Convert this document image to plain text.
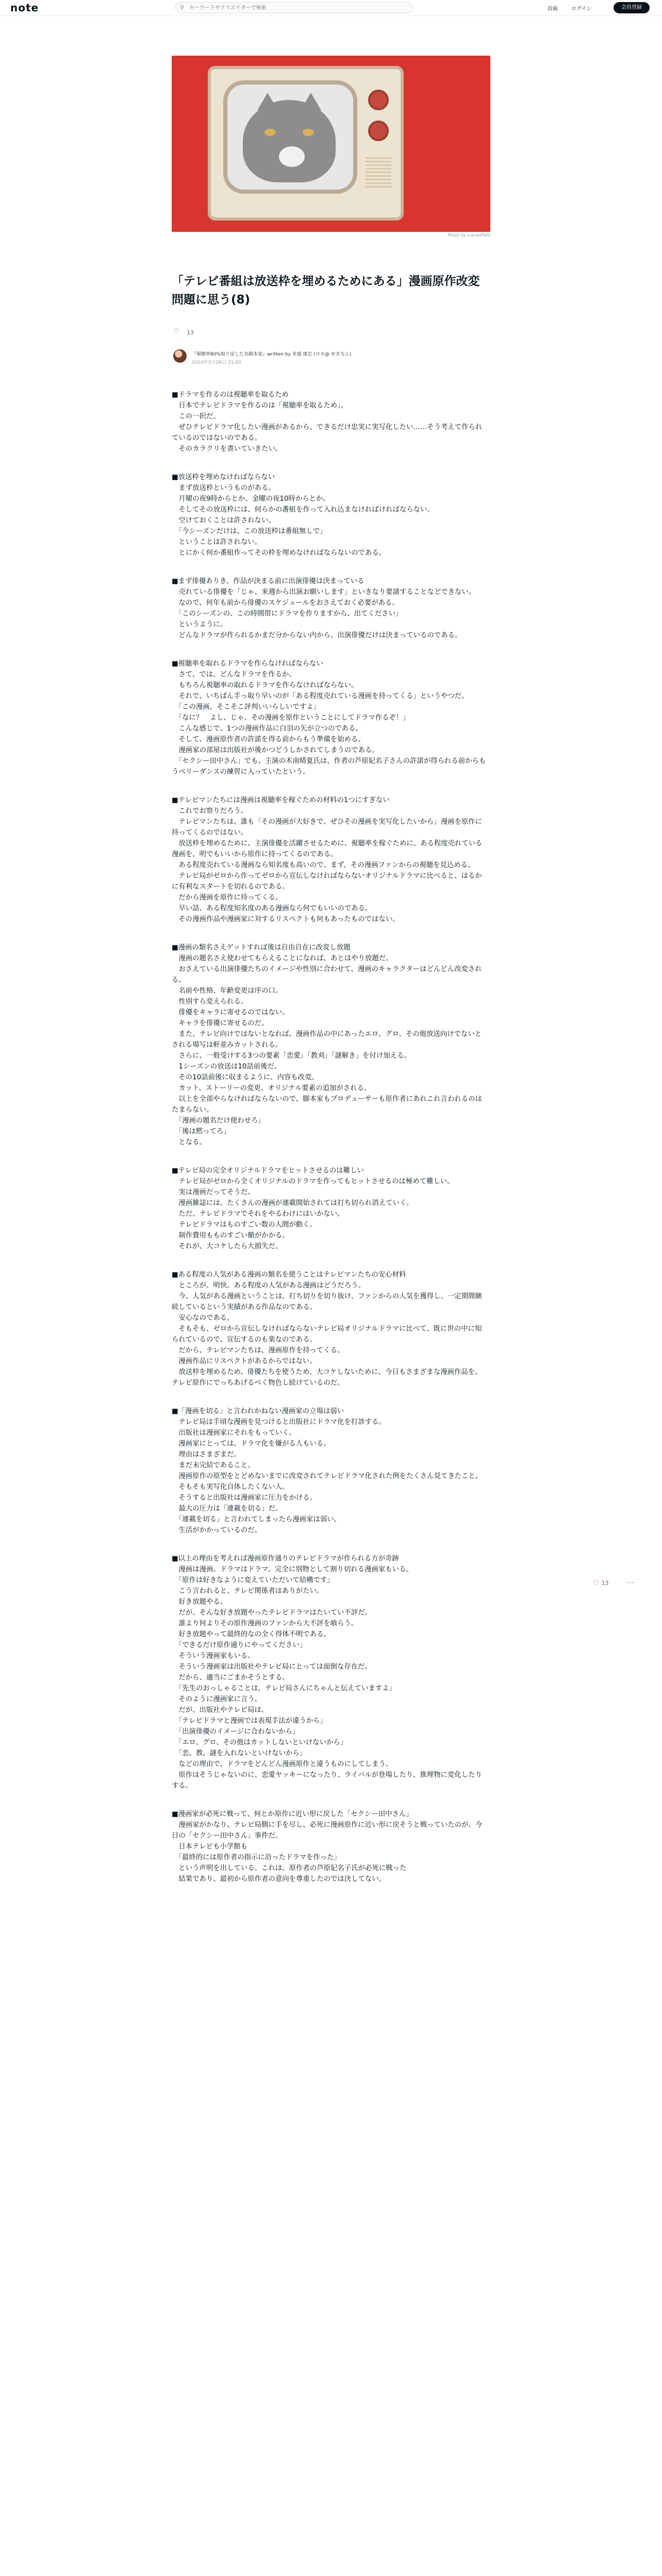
note	⚲
キーワードやクリエイターで検索	投稿	ログイン	会員登録
Photo by cranedfield
「テレビ番組は放送枠を埋めるためにある」漫画原作改変問題に思う(8)
♡ 13
『視聴率80%取り戻した名脚本家』written by 米盛 康宏 (ヨネ@ せきなん)
2024年5月26日 21:00

■ドラマを作るのは視聴率を取るため

　日本でテレビドラマを作るのは「視聴率を取るため」。

　この一択だ。

　ぜひテレビドラマ化したい漫画があるから、できるだけ忠実に実写化したい……そう考えて作られているのではないのである。

　そのカラクリを書いていきたい。

■放送枠を埋めなければならない

　まず放送枠というものがある。

　月曜の夜9時からとか、金曜の夜10時からとか。

　そしてその放送枠には、何らかの番組を作って入れ込まなければければならない。

　空けておくことは許されない。

　「今シーズンだけは、この放送枠は番組無しで」

　ということは許されない。

　とにかく何か番組作ってその枠を埋めなければならないのである。

■まず俳優ありき。作品が決まる前に出演俳優は決まっている

　売れている俳優を「じゃ、来週から出演お願いします」といきなり要請することなどできない。

　なので、何年も前から俳優のスケジュールをおさえておく必要がある。

　「このシーズンの、この時間帯にドラマを作りますから、出てください」

　というように。

　どんなドラマが作られるかまだ分からない内から、出演俳優だけは決まっているのである。

■視聴率を取れるドラマを作らなければならない

　さて、では、どんなドラマを作るか。

　もちろん視聴率の取れるドラマを作らなければならない。

　それで、いちばん手っ取り早いのが「ある程度売れている漫画を持ってくる」というやつだ。

　「この漫画、そこそこ評判いいらしいですよ」

　「なに？　よし、じゃ、その漫画を原作ということにしてドラマ作るぞ！」

　こんな感じで、1つの漫画作品に白羽の矢が立つのである。

　そして、漫画原作者の許諾を得る前からもう準備を始める。

　漫画家の部屋は出版社が後かつどうしかされてしまうのである。

　「セクシー田中さん」でも、主演の木南晴夏氏は、作者の芦原妃名子さんの許諾が得られる前からもうベリーダンスの練習に入っていたという。

■テレビマンたちには漫画は視聴率を稼ぐための材料の1つにすぎない

　これでお察りだろう。

　テレビマンたちは、誰も「その漫画が大好きで、ぜひその漫画を実写化したいから」漫画を原作に持ってくるのではない。

　放送枠を埋めるために、主演俳優を活躍させるために、視聴率を稼ぐために、ある程度売れている漫画を、明でもいいから原作に持ってくるのである。

　ある程度売れている漫画なら知名度も高いので、まず、その漫画ファンからの視聴を見込める。

　テレビ局がゼロから作ってゼロから宣伝しなければならないオリジナルドラマに比べると、はるかに有利なスタートを切れるのである。

　だから漫画を原作に持ってくる。

　早い話、ある程度知名度のある漫画なら何でもいいのである。

　その漫画作品や漫画家に対するリスペクトも何もあったものではない。

■漫画の類名さえゲットすれば後は自由自在に改変し放題

　漫画の題名さえ使わせてもらえることになれば、あとはやり放題だ。

　おさえている出演俳優たちのイメージや性別に合わせて、漫画のキャラクターはどんどん改変される。

　名前や性格、年齢変更は序の口。

　性別すら変えられる。

　俳優をキャラに寄せるのではない。

　キャラを俳優に寄せるのだ。

　また、テレビ向けではないとなれば、漫画作品の中にあったエロ、グロ、その他放送向けでないとされる場写は軒並みカットされる。

　さらに、一般受けする3つの要素「恋愛」「教刈」「謎解き」を付け加える。

　1シーズンの放送は10話前後だ。

　その10話前後に収まるように、内容も改変。

　カット、ストーリーの変更、オリジナル要素の追加がされる。

　以上を全部やらなければならないので、脚本家もプロデューサーも原作者にあれこれ言われるのはたまらない。

　「漫画の題名だけ使わせろ」

　「後は黙ってろ」

　となる。

■テレビ局の完全オリジナルドラマをヒットさせるのは難しい

　テレビ局がゼロから全くオリジナルのドラマを作ってもヒットさせるのは極めて難しい。

　実は漫画だってそうだ。

　漫画雑誌には、たくさんの漫画が連載開始されては打ち切られ消えていく。

　ただ、テレビドラマでそれをやるわけにはいかない。

　テレビドラマはものすごい数の人間が動く。

　制作費用もものすごい額がかかる。

　それが、大コケしたら大損失だ。

■ある程度の人気がある漫画の類名を使うことはテレビマンたちの安心材料

　ところが、明快。ある程度の人気がある漫画はどうだろう。

　今、人気がある漫画ということは、打ち切りを切り抜け、ファンからの人気を獲得し、一定期間継続しているという実績がある作品なのである。

　安心なのである。

　そもそも、ゼロから宣伝しなければならないテレビ局オリジナルドラマに比べて、既に世の中に知られているので、宣伝するのも楽なのである。

　だから、テレビマンたちは、漫画原作を持ってくる。

　漫画作品にリスペクトがあるからではない。

　放送枠を埋めるため、俳優たちを使うため、大コケしないために、今日もさまざまな漫画作品を、テレビ原作にでっちあげるべく物色し続けているのだ。

■「漫画を切る」と言われかねない漫画家の立場は弱い

　テレビ局は手頃な漫画を見つけると出版社にドラマ化を打診する。

　出版社は漫画家にそれをもっていく。

　漫画家にとっては、ドラマ化を嫌がる人もいる。

　理由はさまざまだ。

　まだ未完結であること。

　漫画原作の原型をとどめないまでに改変されてテレビドラマ化された例をたくさん見てきたこと。

　そもそも実写化自体したくない人。

　そうすると出版社は漫画家に圧力をかける。

　最大の圧力は「連載を切る」だ。

　「連載を切る」と言われてしまったら漫画家は弱い。

　生活がかかっているのだ。

■以上の理由を考えれば漫画原作通りのテレビドラマが作られる方が奇跡

　漫画は漫画。ドラマはドラマ。完全に別物として割り切れる漫画家もいる。

　「原作は好きなように変えていただいて結構です」

　こう言われると、テレビ関係者はありがたい。

　好き放題やる。

　だが、そんな好き放題やったテレビドラマはたいてい不評だ。

　誰より何よりその原作漫画のファンから大不評を喰らう。

　好き放題やって最終的なの全く得体不明である。

　「できるだけ原作通りにやってください」

　そういう漫画家もいる。

　そういう漫画家は出版社やテレビ局にとっては面倒な存在だ。

　だから、適当にごまかそうとする。

　「先生のおっしゃることは、テレビ局さんにちゃんと伝えていますよ」

　そのように漫画家に言う。

　だが、出版社やテレビ局は、

　「テレビドラマと漫画では表現手法が違うから」

　「出演俳優のイメージに合わないから」

　「エロ、グロ、その他はカットしないといけないから」

　「恋、教、謎を入れないといけないから」

　などの理由で、ドラマをどんどん漫画原作と違うものにしてしまう。

　原作はそうじゃないのに、恋愛ヤッキーになったり、ライバルが登場したり、推理物に変化したりする。

■漫画家が必死に戦って、何とか原作に近い形に戻した「セクシー田中さん」

　漫画家がかなり、テレビ局側に手を尽し、必死に漫画原作に近い形に戻そうと戦っていたのが、今日の「セクシー田中さん」事件だ。

　日本テレビも小学館も

　「最終的には原作者の指示に沿ったドラマを作った」

　という声明を出している。これは、原作者の芦原妃名子氏が必死に戦った

　結果であり、最初から原作者の意向を尊重したのでは決してない。

♡ 13	⋯
